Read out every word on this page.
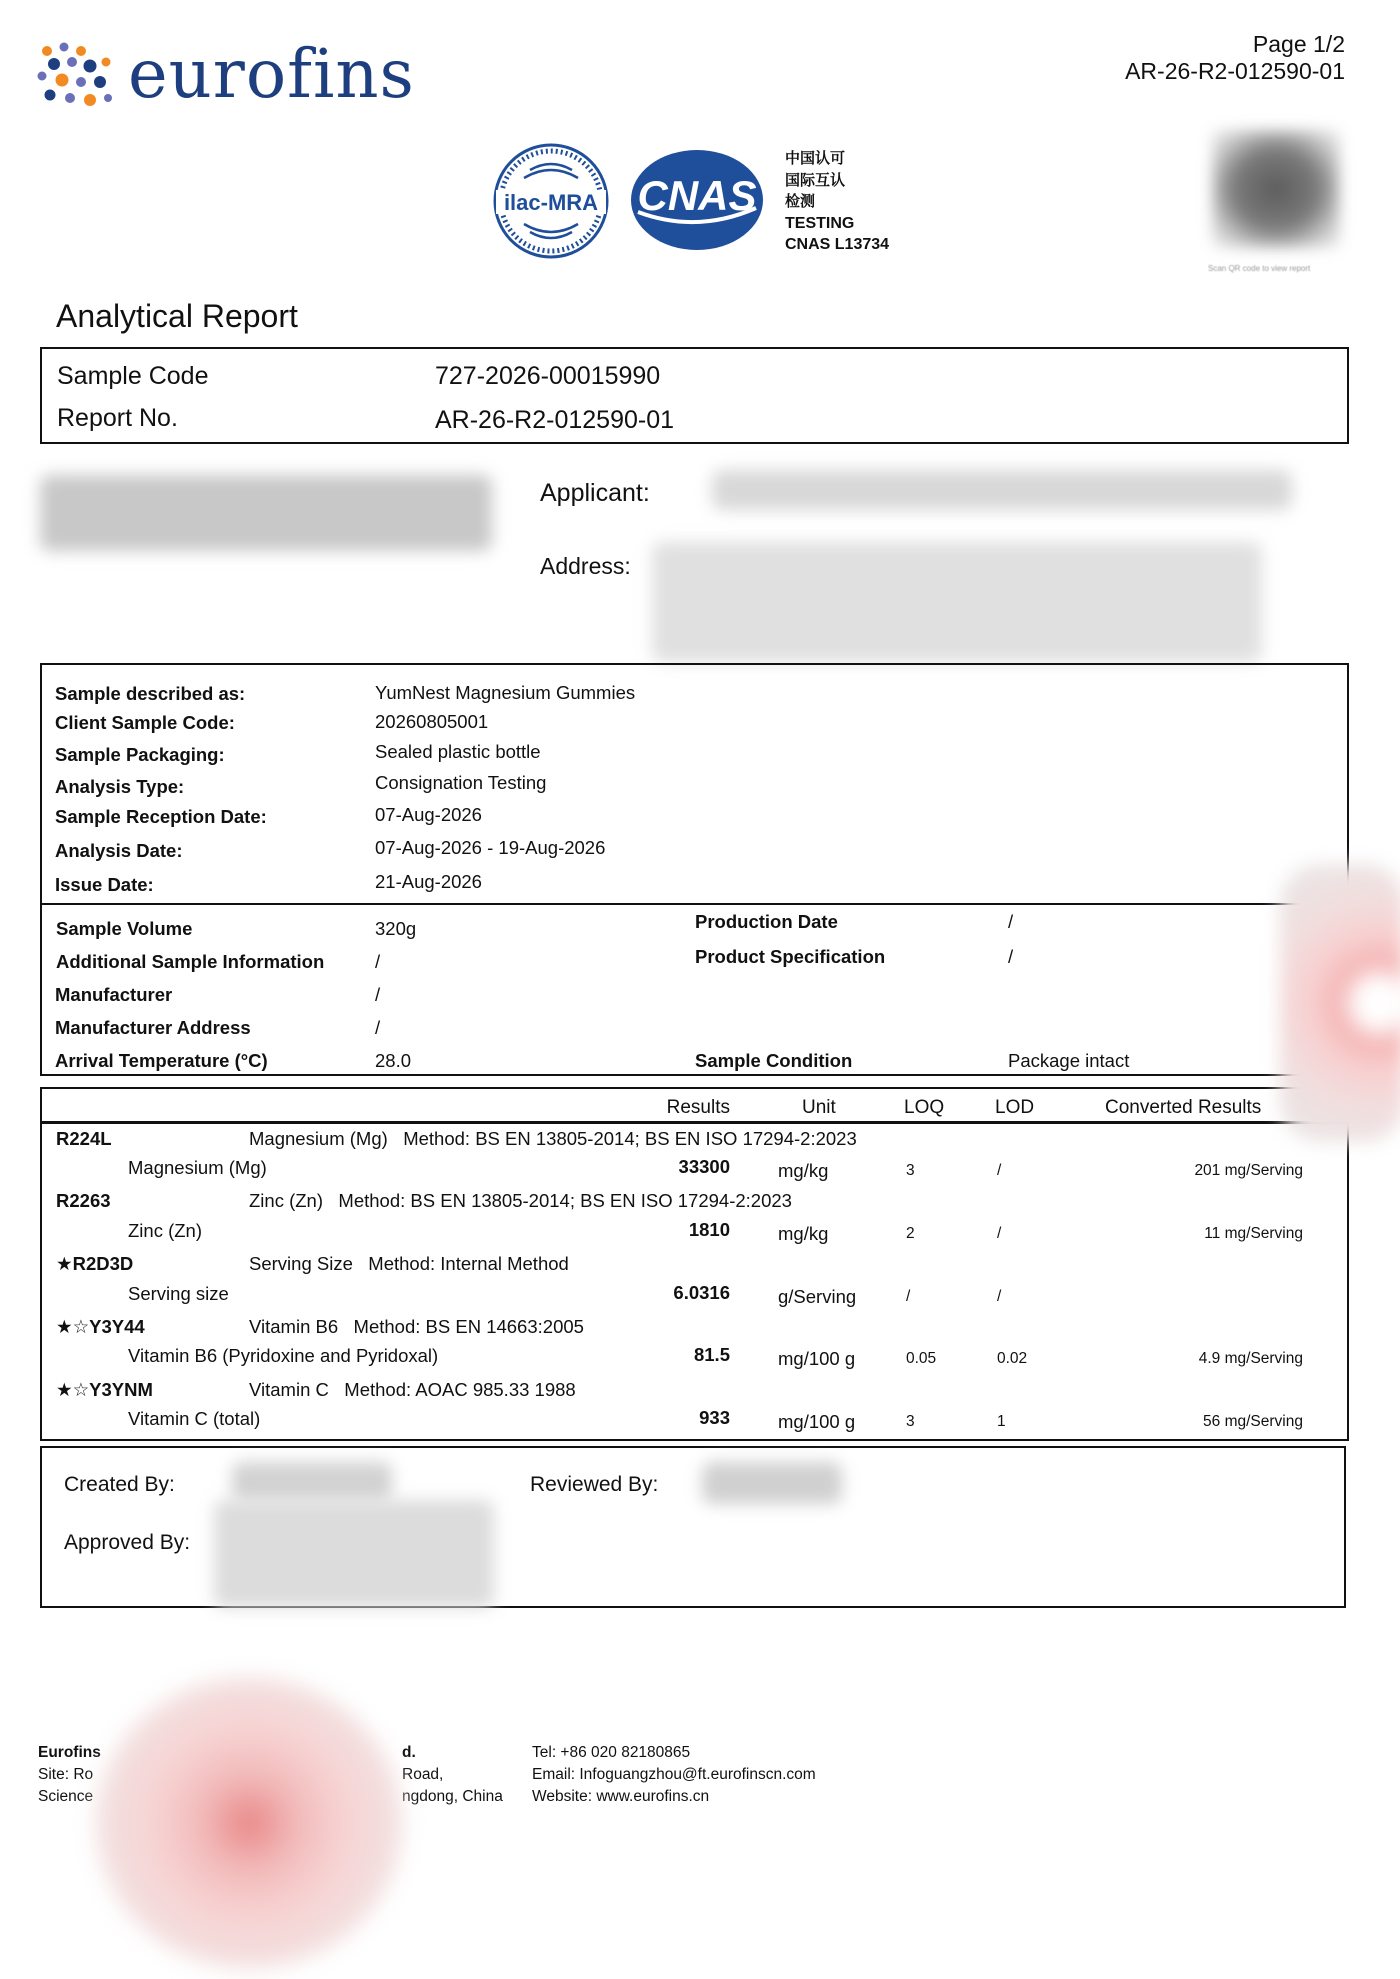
eurofins	Page 1/2
AR-26-R2-012590-01
ilac-MRA CNAS
中国认可
国际互认
检测
TESTING
CNAS L13734
Scan QR code to view report
Analytical Report
Sample Code	727-2026-00015990
Report No.	AR-26-R2-012590-01
Applicant:
Address:
Sample described as:	YumNest Magnesium Gummies
Client Sample Code:	20260805001
Sample Packaging:	Sealed plastic bottle
Analysis Type:	Consignation Testing
Sample Reception Date:	07-Aug-2026
Analysis Date:	07-Aug-2026 - 19-Aug-2026
Issue Date:	21-Aug-2026
Sample Volume	320g
Additional Sample Information	/
Manufacturer	/
Manufacturer Address	/
Arrival Temperature (°C)	28.0
Production Date	/
Product Specification	/
Sample Condition	Package intact
Results	Unit	LOQ	LOD	Converted Results
R224L	Magnesium (Mg) Method: BS EN 13805-2014; BS EN ISO 17294-2:2023
Magnesium (Mg)	33300	mg/kg	3	/	201 mg/Serving
R2263	Zinc (Zn) Method: BS EN 13805-2014; BS EN ISO 17294-2:2023
Zinc (Zn)	1810	mg/kg	2	/	11 mg/Serving
★R2D3D	Serving Size Method: Internal Method
Serving size	6.0316	g/Serving	/	/
★☆Y3Y44	Vitamin B6 Method: BS EN 14663:2005
Vitamin B6 (Pyridoxine and Pyridoxal)	81.5	mg/100 g	0.05	0.02	4.9 mg/Serving
★☆Y3YNM	Vitamin C Method: AOAC 985.33 1988
Vitamin C (total)	933	mg/100 g	3	1	56 mg/Serving
Created By:	Reviewed By:
Approved By:
Eurofins
Site: Ro
Science
d.
Road,
ngdong, China
Tel: +86 020 82180865
Email: Infoguangzhou@ft.eurofinscn.com
Website: www.eurofins.cn
